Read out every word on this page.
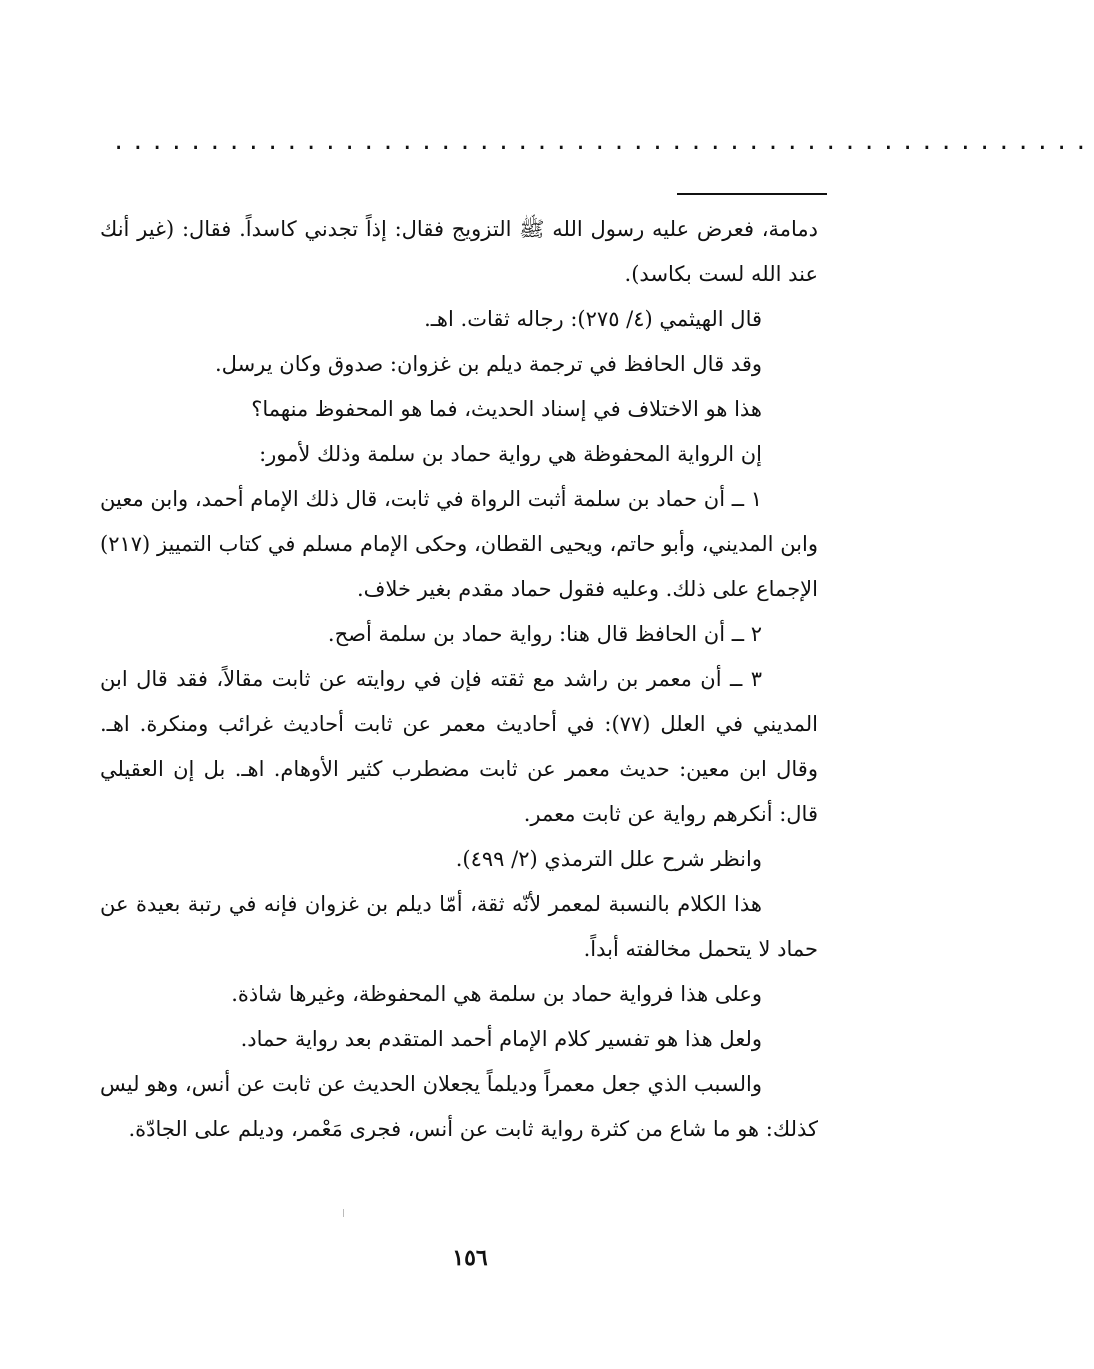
...................................................

دمامة، فعرض عليه رسول الله ﷺ التزويج فقال: إذاً تجدني كاسداً. فقال: (غير أنك عند الله لست بكاسد).

قال الهيثمي (٤/ ٢٧٥): رجاله ثقات. اهـ.

وقد قال الحافظ في ترجمة ديلم بن غزوان: صدوق وكان يرسل.

هذا هو الاختلاف في إسناد الحديث، فما هو المحفوظ منهما؟

إن الرواية المحفوظة هي رواية حماد بن سلمة وذلك لأمور:

١ ــ أن حماد بن سلمة أثبت الرواة في ثابت، قال ذلك الإمام أحمد، وابن معين وابن المديني، وأبو حاتم، ويحيى القطان، وحكى الإمام مسلم في كتاب التمييز (٢١٧) الإجماع على ذلك. وعليه فقول حماد مقدم بغير خلاف.

٢ ــ أن الحافظ قال هنا: رواية حماد بن سلمة أصح.

٣ ــ أن معمر بن راشد مع ثقته فإن في روايته عن ثابت مقالاً، فقد قال ابن المديني في العلل (٧٧): في أحاديث معمر عن ثابت أحاديث غرائب ومنكرة. اهـ. وقال ابن معين: حديث معمر عن ثابت مضطرب كثير الأوهام. اهـ. بل إن العقيلي قال: أنكرهم رواية عن ثابت معمر.

وانظر شرح علل الترمذي (٢/ ٤٩٩).

هذا الكلام بالنسبة لمعمر لأنّه ثقة، أمّا ديلم بن غزوان فإنه في رتبة بعيدة عن حماد لا يتحمل مخالفته أبداً.

وعلى هذا فرواية حماد بن سلمة هي المحفوظة، وغيرها شاذة.

ولعل هذا هو تفسير كلام الإمام أحمد المتقدم بعد رواية حماد.

والسبب الذي جعل معمراً وديلماً يجعلان الحديث عن ثابت عن أنس، وهو ليس كذلك: هو ما شاع من كثرة رواية ثابت عن أنس، فجرى مَعْمر، وديلم على الجادّة.

١٥٦
